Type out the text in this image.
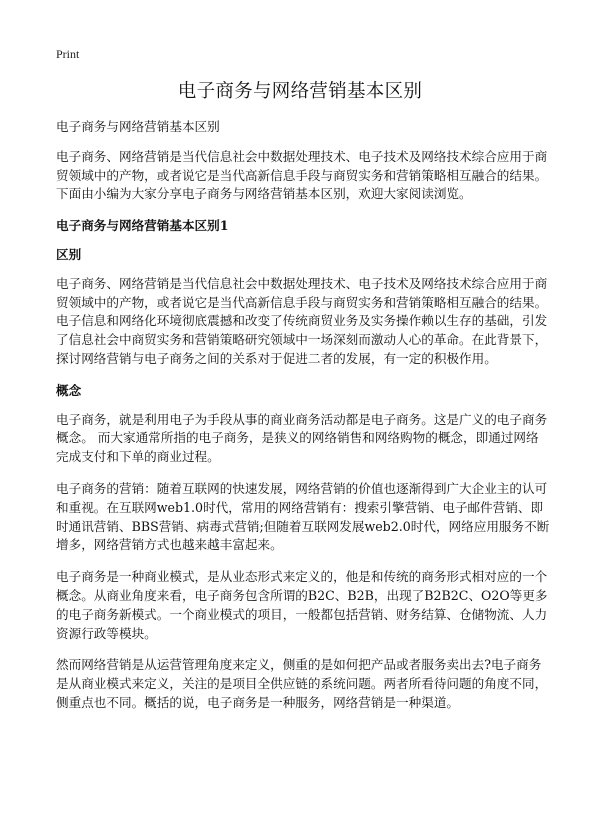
Print
电子商务与网络营销基本区别

电子商务与网络营销基本区别

电子商务、网络营销是当代信息社会中数据处理技术、电子技术及网络技术综合应用于商贸领域中的产物，或者说它是当代高新信息手段与商贸实务和营销策略相互融合的结果。下面由小编为大家分享电子商务与网络营销基本区别，欢迎大家阅读浏览。

电子商务与网络营销基本区别1

区别

电子商务、网络营销是当代信息社会中数据处理技术、电子技术及网络技术综合应用于商贸领域中的产物，或者说它是当代高新信息手段与商贸实务和营销策略相互融合的结果。电子信息和网络化环境彻底震撼和改变了传统商贸业务及实务操作赖以生存的基础，引发了信息社会中商贸实务和营销策略研究领域中一场深刻而激动人心的革命。在此背景下，探讨网络营销与电子商务之间的关系对于促进二者的发展，有一定的积极作用。

概念

电子商务，就是利用电子为手段从事的商业商务活动都是电子商务。这是广义的电子商务概念。 而大家通常所指的电子商务，是狭义的网络销售和网络购物的概念，即通过网络完成支付和下单的商业过程。

电子商务的营销：随着互联网的快速发展，网络营销的价值也逐渐得到广大企业主的认可和重视。在互联网web1.0时代，常用的网络营销有：搜索引擎营销、电子邮件营销、即时通讯营销、BBS营销、病毒式营销;但随着互联网发展web2.0时代，网络应用服务不断增多，网络营销方式也越来越丰富起来。

电子商务是一种商业模式，是从业态形式来定义的，他是和传统的商务形式相对应的一个概念。从商业角度来看，电子商务包含所谓的B2C、B2B，出现了B2B2C、O2O等更多的电子商务新模式。一个商业模式的项目，一般都包括营销、财务结算、仓储物流、人力资源行政等模块。

然而网络营销是从运营管理角度来定义，侧重的是如何把产品或者服务卖出去?电子商务是从商业模式来定义，关注的是项目全供应链的系统问题。两者所看待问题的角度不同，侧重点也不同。概括的说，电子商务是一种服务，网络营销是一种渠道。
